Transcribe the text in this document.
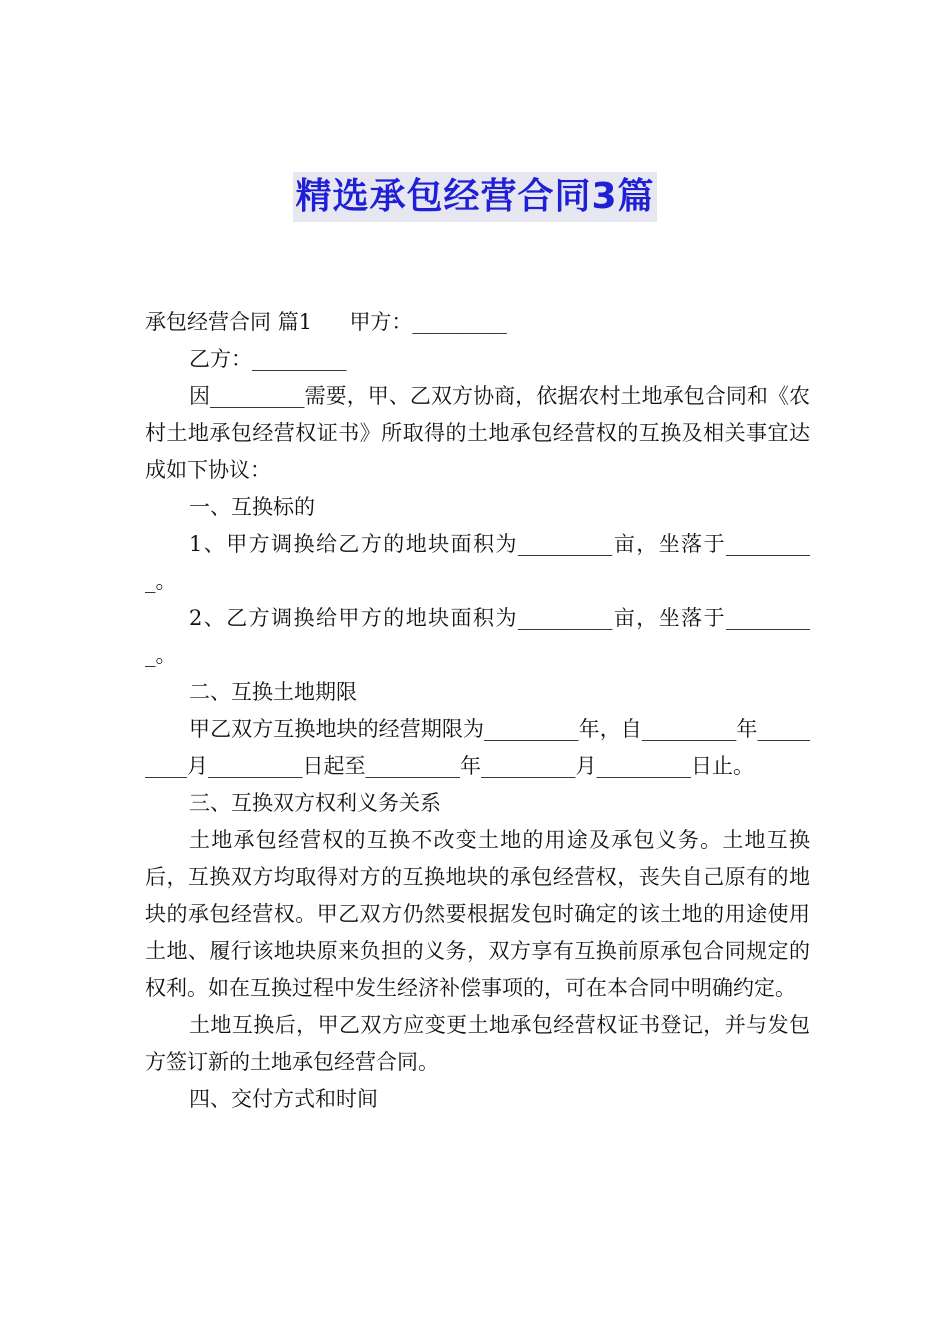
精选承包经营合同3篇

承包经营合同 篇1 甲方：_________

乙方：_________

因_________需要，甲、乙双方协商，依据农村土地承包合同和《农村土地承包经营权证书》所取得的土地承包经营权的互换及相关事宜达成如下协议：

一、互换标的

1、甲方调换给乙方的地块面积为_________亩，坐落于_________。

2、乙方调换给甲方的地块面积为_________亩，坐落于_________。

二、互换土地期限

甲乙双方互换地块的经营期限为_________年，自_________年_________月_________日起至_________年_________月_________日止。

三、互换双方权利义务关系

土地承包经营权的互换不改变土地的用途及承包义务。土地互换后，互换双方均取得对方的互换地块的承包经营权，丧失自己原有的地块的承包经营权。甲乙双方仍然要根据发包时确定的该土地的用途使用土地、履行该地块原来负担的义务，双方享有互换前原承包合同规定的权利。如在互换过程中发生经济补偿事项的，可在本合同中明确约定。

土地互换后，甲乙双方应变更土地承包经营权证书登记，并与发包方签订新的土地承包经营合同。

四、交付方式和时间
